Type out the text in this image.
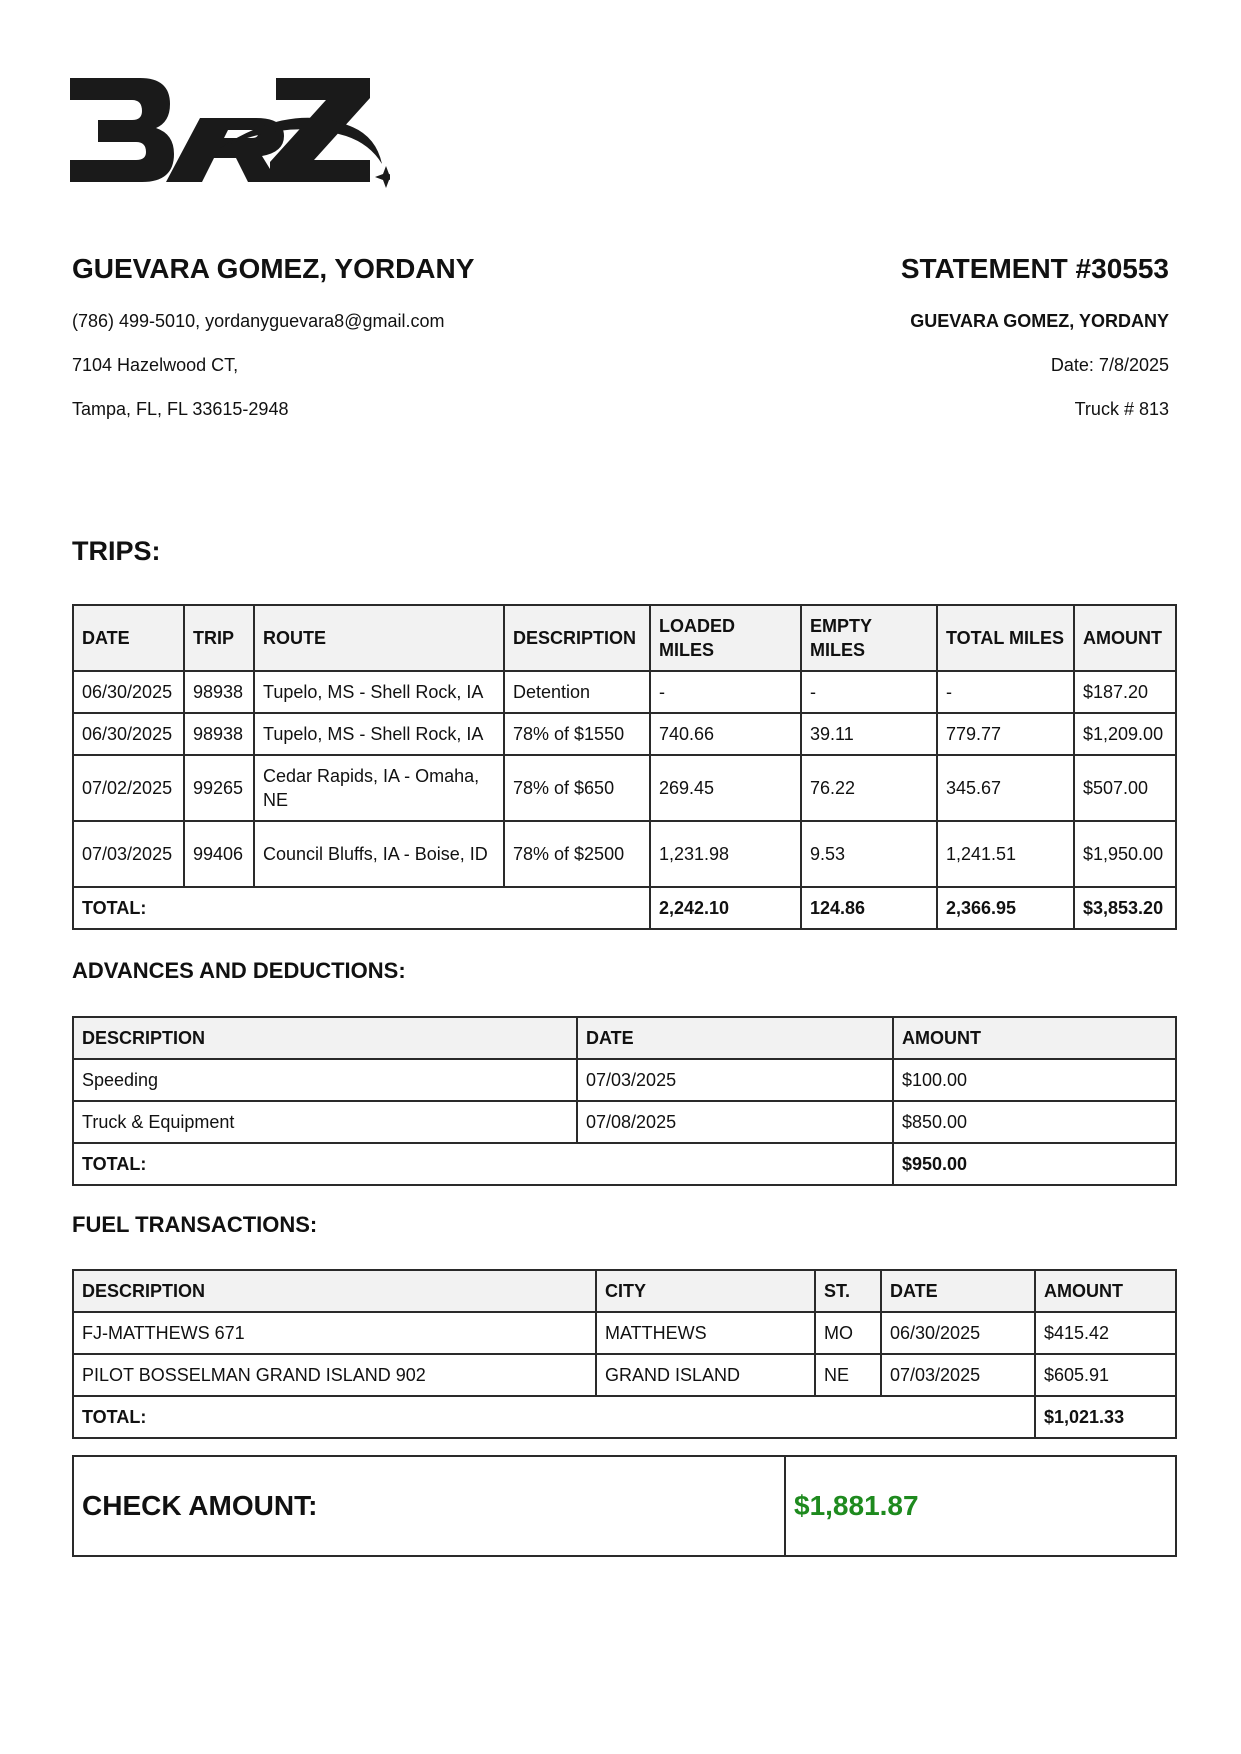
GUEVARA GOMEZ, YORDANY

(786) 499-5010, yordanyguevara8@gmail.com

7104 Hazelwood CT,

Tampa, FL, FL 33615-2948

STATEMENT #30553

GUEVARA GOMEZ, YORDANY

Date: 7/8/2025

Truck # 813

TRIPS:

DATE	TRIP	ROUTE	DESCRIPTION	LOADED MILES	EMPTY MILES	TOTAL MILES	AMOUNT
06/30/2025	98938	Tupelo, MS - Shell Rock, IA	Detention	-	-	-	$187.20
06/30/2025	98938	Tupelo, MS - Shell Rock, IA	78% of $1550	740.66	39.11	779.77	$1,209.00
07/02/2025	99265	Cedar Rapids, IA - Omaha, NE	78% of $650	269.45	76.22	345.67	$507.00
07/03/2025	99406	Council Bluffs, IA - Boise, ID	78% of $2500	1,231.98	9.53	1,241.51	$1,950.00
TOTAL:				2,242.10	124.86	2,366.95	$3,853.20

ADVANCES AND DEDUCTIONS:

DESCRIPTION	DATE	AMOUNT
Speeding	07/03/2025	$100.00
Truck & Equipment	07/08/2025	$850.00
TOTAL:		$950.00

FUEL TRANSACTIONS:

DESCRIPTION	CITY	ST.	DATE	AMOUNT
FJ-MATTHEWS 671	MATTHEWS	MO	06/30/2025	$415.42
PILOT BOSSELMAN GRAND ISLAND 902	GRAND ISLAND	NE	07/03/2025	$605.91
TOTAL:				$1,021.33
CHECK AMOUNT:	$1,881.87
